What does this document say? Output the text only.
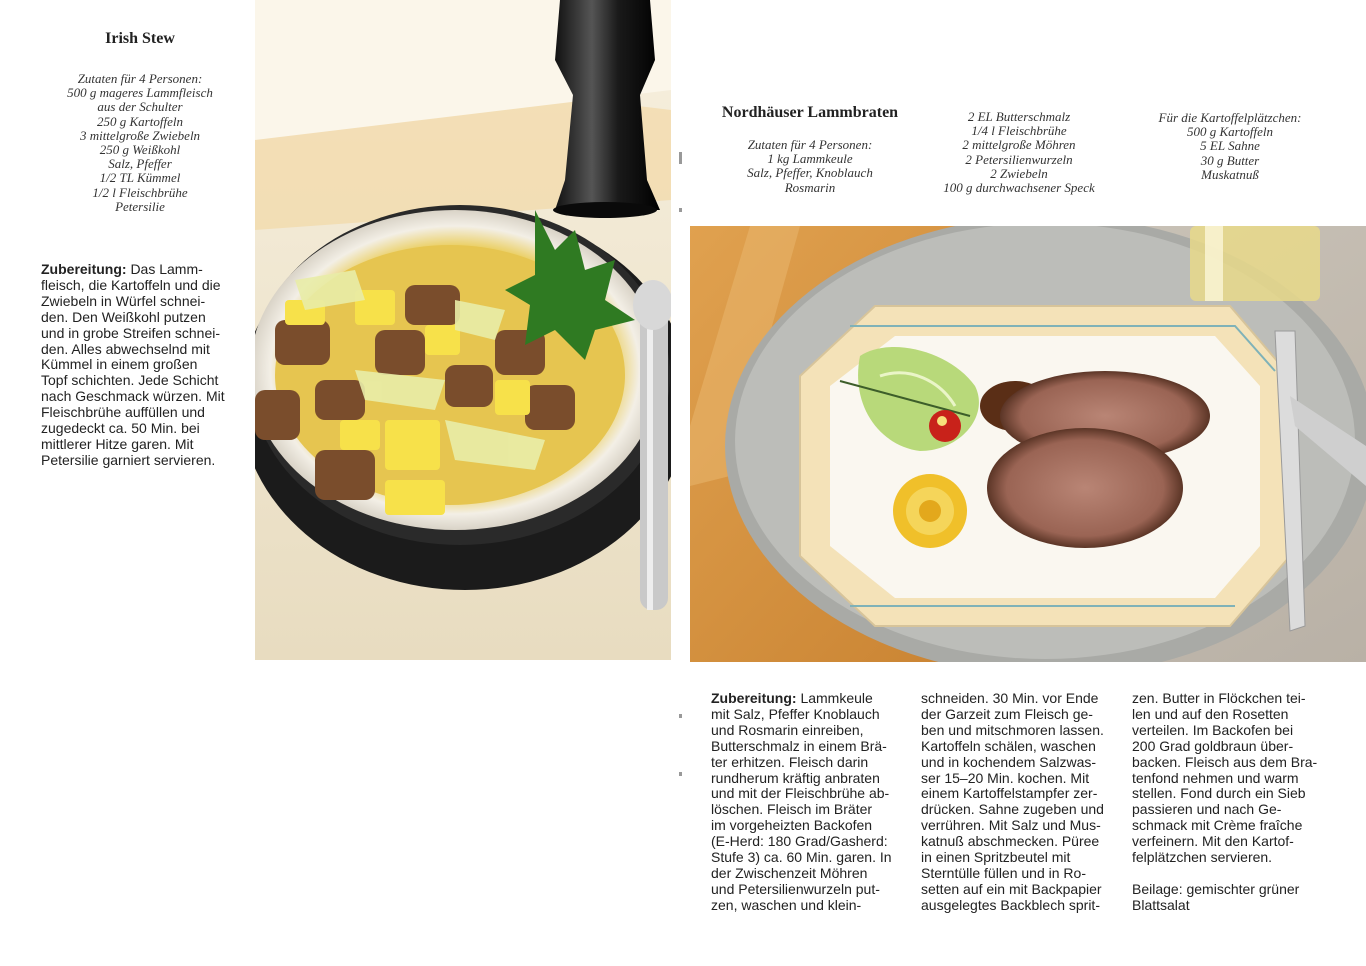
Irish Stew
Zutaten für 4 Personen:
500 g mageres Lammfleisch
aus der Schulter
250 g Kartoffeln
3 mittelgroße Zwiebeln
250 g Weißkohl
Salz, Pfeffer
1/2 TL Kümmel
1/2 l Fleischbrühe
Petersilie
Zubereitung: Das Lamm-
fleisch, die Kartoffeln und die
Zwiebeln in Würfel schnei-
den. Den Weißkohl putzen
und in grobe Streifen schnei-
den. Alles abwechselnd mit
Kümmel in einem großen
Topf schichten. Jede Schicht
nach Geschmack würzen. Mit
Fleischbrühe auffüllen und
zugedeckt ca. 50 Min. bei
mittlerer Hitze garen. Mit
Petersilie garniert servieren.
Nordhäuser Lammbraten
Zutaten für 4 Personen:
1 kg Lammkeule
Salz, Pfeffer, Knoblauch
Rosmarin
2 EL Butterschmalz
1/4 l Fleischbrühe
2 mittelgroße Möhren
2 Petersilienwurzeln
2 Zwiebeln
100 g durchwachsener Speck
Für die Kartoffelplätzchen:
500 g Kartoffeln
5 EL Sahne
30 g Butter
Muskatnuß
Zubereitung: Lammkeule
mit Salz, Pfeffer Knoblauch
und Rosmarin einreiben,
Butterschmalz in einem Brä-
ter erhitzen. Fleisch darin
rundherum kräftig anbraten
und mit der Fleischbrühe ab-
löschen. Fleisch im Bräter
im vorgeheizten Backofen
(E-Herd: 180 Grad/Gasherd:
Stufe 3) ca. 60 Min. garen. In
der Zwischenzeit Möhren
und Petersilienwurzeln put-
zen, waschen und klein-
schneiden. 30 Min. vor Ende
der Garzeit zum Fleisch ge-
ben und mitschmoren lassen.
Kartoffeln schälen, waschen
und in kochendem Salzwas-
ser 15–20 Min. kochen. Mit
einem Kartoffelstampfer zer-
drücken. Sahne zugeben und
verrühren. Mit Salz und Mus-
katnuß abschmecken. Püree
in einen Spritzbeutel mit
Sterntülle füllen und in Ro-
setten auf ein mit Backpapier
ausgelegtes Backblech sprit-
zen. Butter in Flöckchen tei-
len und auf den Rosetten
verteilen. Im Backofen bei
200 Grad goldbraun über-
backen. Fleisch aus dem Bra-
tenfond nehmen und warm
stellen. Fond durch ein Sieb
passieren und nach Ge-
schmack mit Crème fraîche
verfeinern. Mit den Kartof-
felplätzchen servieren.
Beilage: gemischter grüner
Blattsalat
